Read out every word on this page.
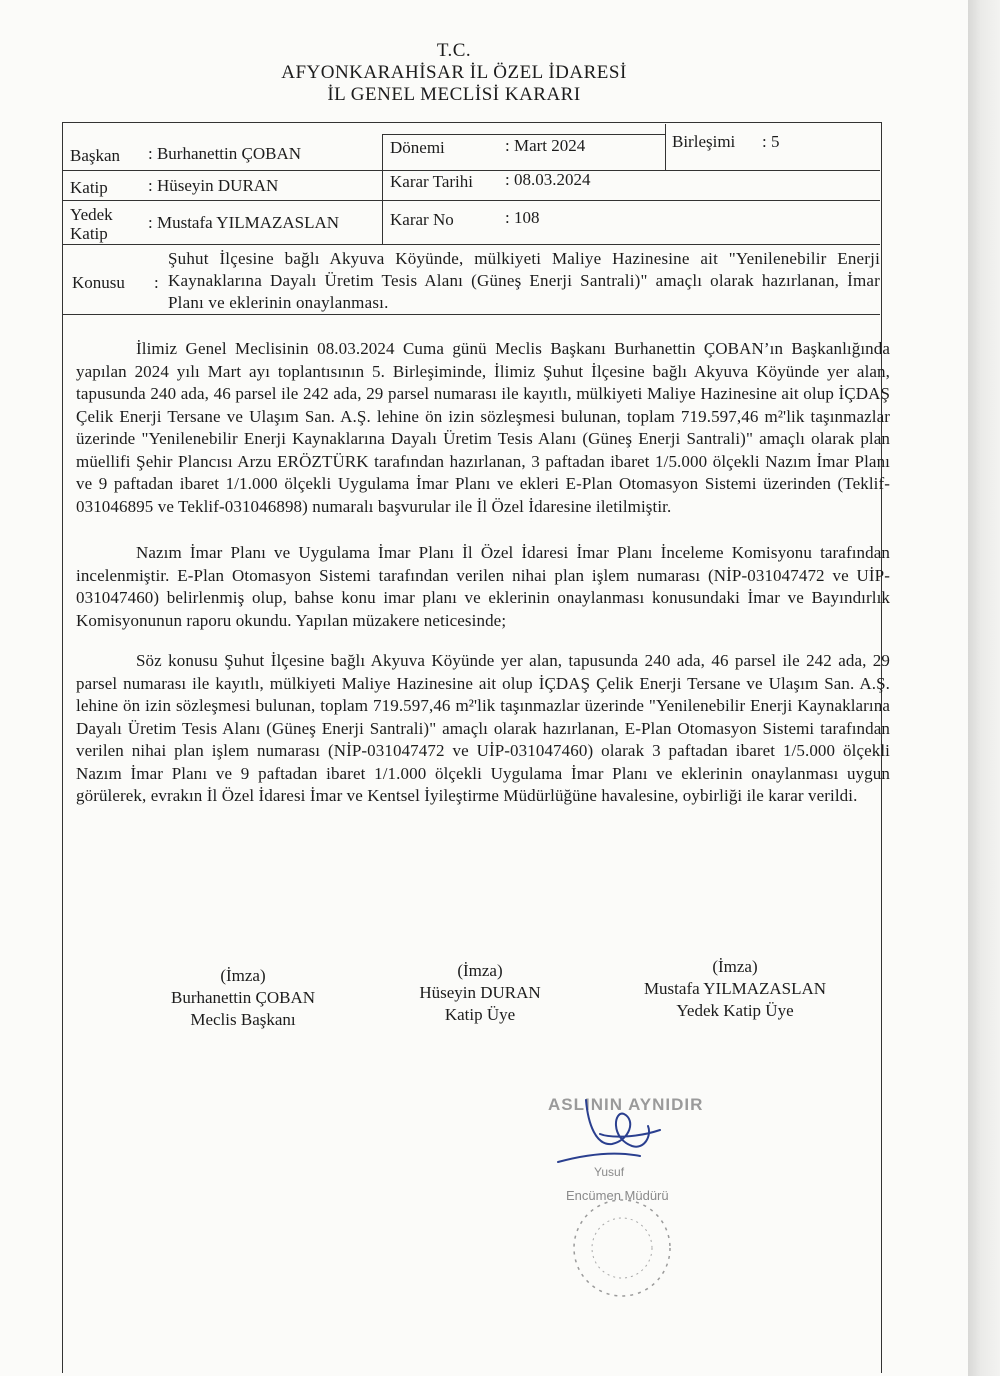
T.C.
AFYONKARAHİSAR İL ÖZEL İDARESİ
İL GENEL MECLİSİ KARARI
Başkan : Burhanettin ÇOBAN	Dönemi	: Mart 2024	Birleşimi : 5
Katip : Hüseyin DURAN	Karar Tarihi : 08.03.2024
Yedek
Katip
: Mustafa YILMAZASLAN	Karar No	: 108
Konusu :
Şuhut İlçesine bağlı Akyuva Köyünde, mülkiyeti Maliye Hazinesine ait "Yenilenebilir Enerji Kaynaklarına Dayalı Üretim Tesis Alanı (Güneş Enerji Santrali)" amaçlı olarak hazırlanan, İmar Planı ve eklerinin onaylanması.

İlimiz Genel Meclisinin 08.03.2024 Cuma günü Meclis Başkanı Burhanettin ÇOBAN’ın Başkanlığında yapılan 2024 yılı Mart ayı toplantısının 5. Birleşiminde, İlimiz Şuhut İlçesine bağlı Akyuva Köyünde yer alan, tapusunda 240 ada, 46 parsel ile 242 ada, 29 parsel numarası ile kayıtlı, mülkiyeti Maliye Hazinesine ait olup İÇDAŞ Çelik Enerji Tersane ve Ulaşım San. A.Ş. lehine ön izin sözleşmesi bulunan, toplam 719.597,46 m²'lik taşınmazlar üzerinde "Yenilenebilir Enerji Kaynaklarına Dayalı Üretim Tesis Alanı (Güneş Enerji Santrali)" amaçlı olarak plan müellifi Şehir Plancısı Arzu ERÖZTÜRK tarafından hazırlanan, 3 paftadan ibaret 1/5.000 ölçekli Nazım İmar Planı ve 9 paftadan ibaret 1/1.000 ölçekli Uygulama İmar Planı ve ekleri E-Plan Otomasyon Sistemi üzerinden (Teklif-031046895 ve Teklif-031046898) numaralı başvurular ile İl Özel İdaresine iletilmiştir.

Nazım İmar Planı ve Uygulama İmar Planı İl Özel İdaresi İmar Planı İnceleme Komisyonu tarafından incelenmiştir. E-Plan Otomasyon Sistemi tarafından verilen nihai plan işlem numarası (NİP-031047472 ve UİP-031047460) belirlenmiş olup, bahse konu imar planı ve eklerinin onaylanması konusundaki İmar ve Bayındırlık Komisyonunun raporu okundu. Yapılan müzakere neticesinde;

Söz konusu Şuhut İlçesine bağlı Akyuva Köyünde yer alan, tapusunda 240 ada, 46 parsel ile 242 ada, 29 parsel numarası ile kayıtlı, mülkiyeti Maliye Hazinesine ait olup İÇDAŞ Çelik Enerji Tersane ve Ulaşım San. A.Ş. lehine ön izin sözleşmesi bulunan, toplam 719.597,46 m²'lik taşınmazlar üzerinde "Yenilenebilir Enerji Kaynaklarına Dayalı Üretim Tesis Alanı (Güneş Enerji Santrali)" amaçlı olarak hazırlanan, E-Plan Otomasyon Sistemi tarafından verilen nihai plan işlem numarası (NİP-031047472 ve UİP-031047460) olarak 3 paftadan ibaret 1/5.000 ölçekli Nazım İmar Planı ve 9 paftadan ibaret 1/1.000 ölçekli Uygulama İmar Planı ve eklerinin onaylanması uygun görülerek, evrakın İl Özel İdaresi İmar ve Kentsel İyileştirme Müdürlüğüne havalesine, oybirliği ile karar verildi.

(İmza)
Burhanettin ÇOBAN
Meclis Başkanı
(İmza)
Hüseyin DURAN
Katip Üye
(İmza)
Mustafa YILMAZASLAN
Yedek Katip Üye
ASLININ AYNIDIR
Yusuf
Encümen Müdürü
